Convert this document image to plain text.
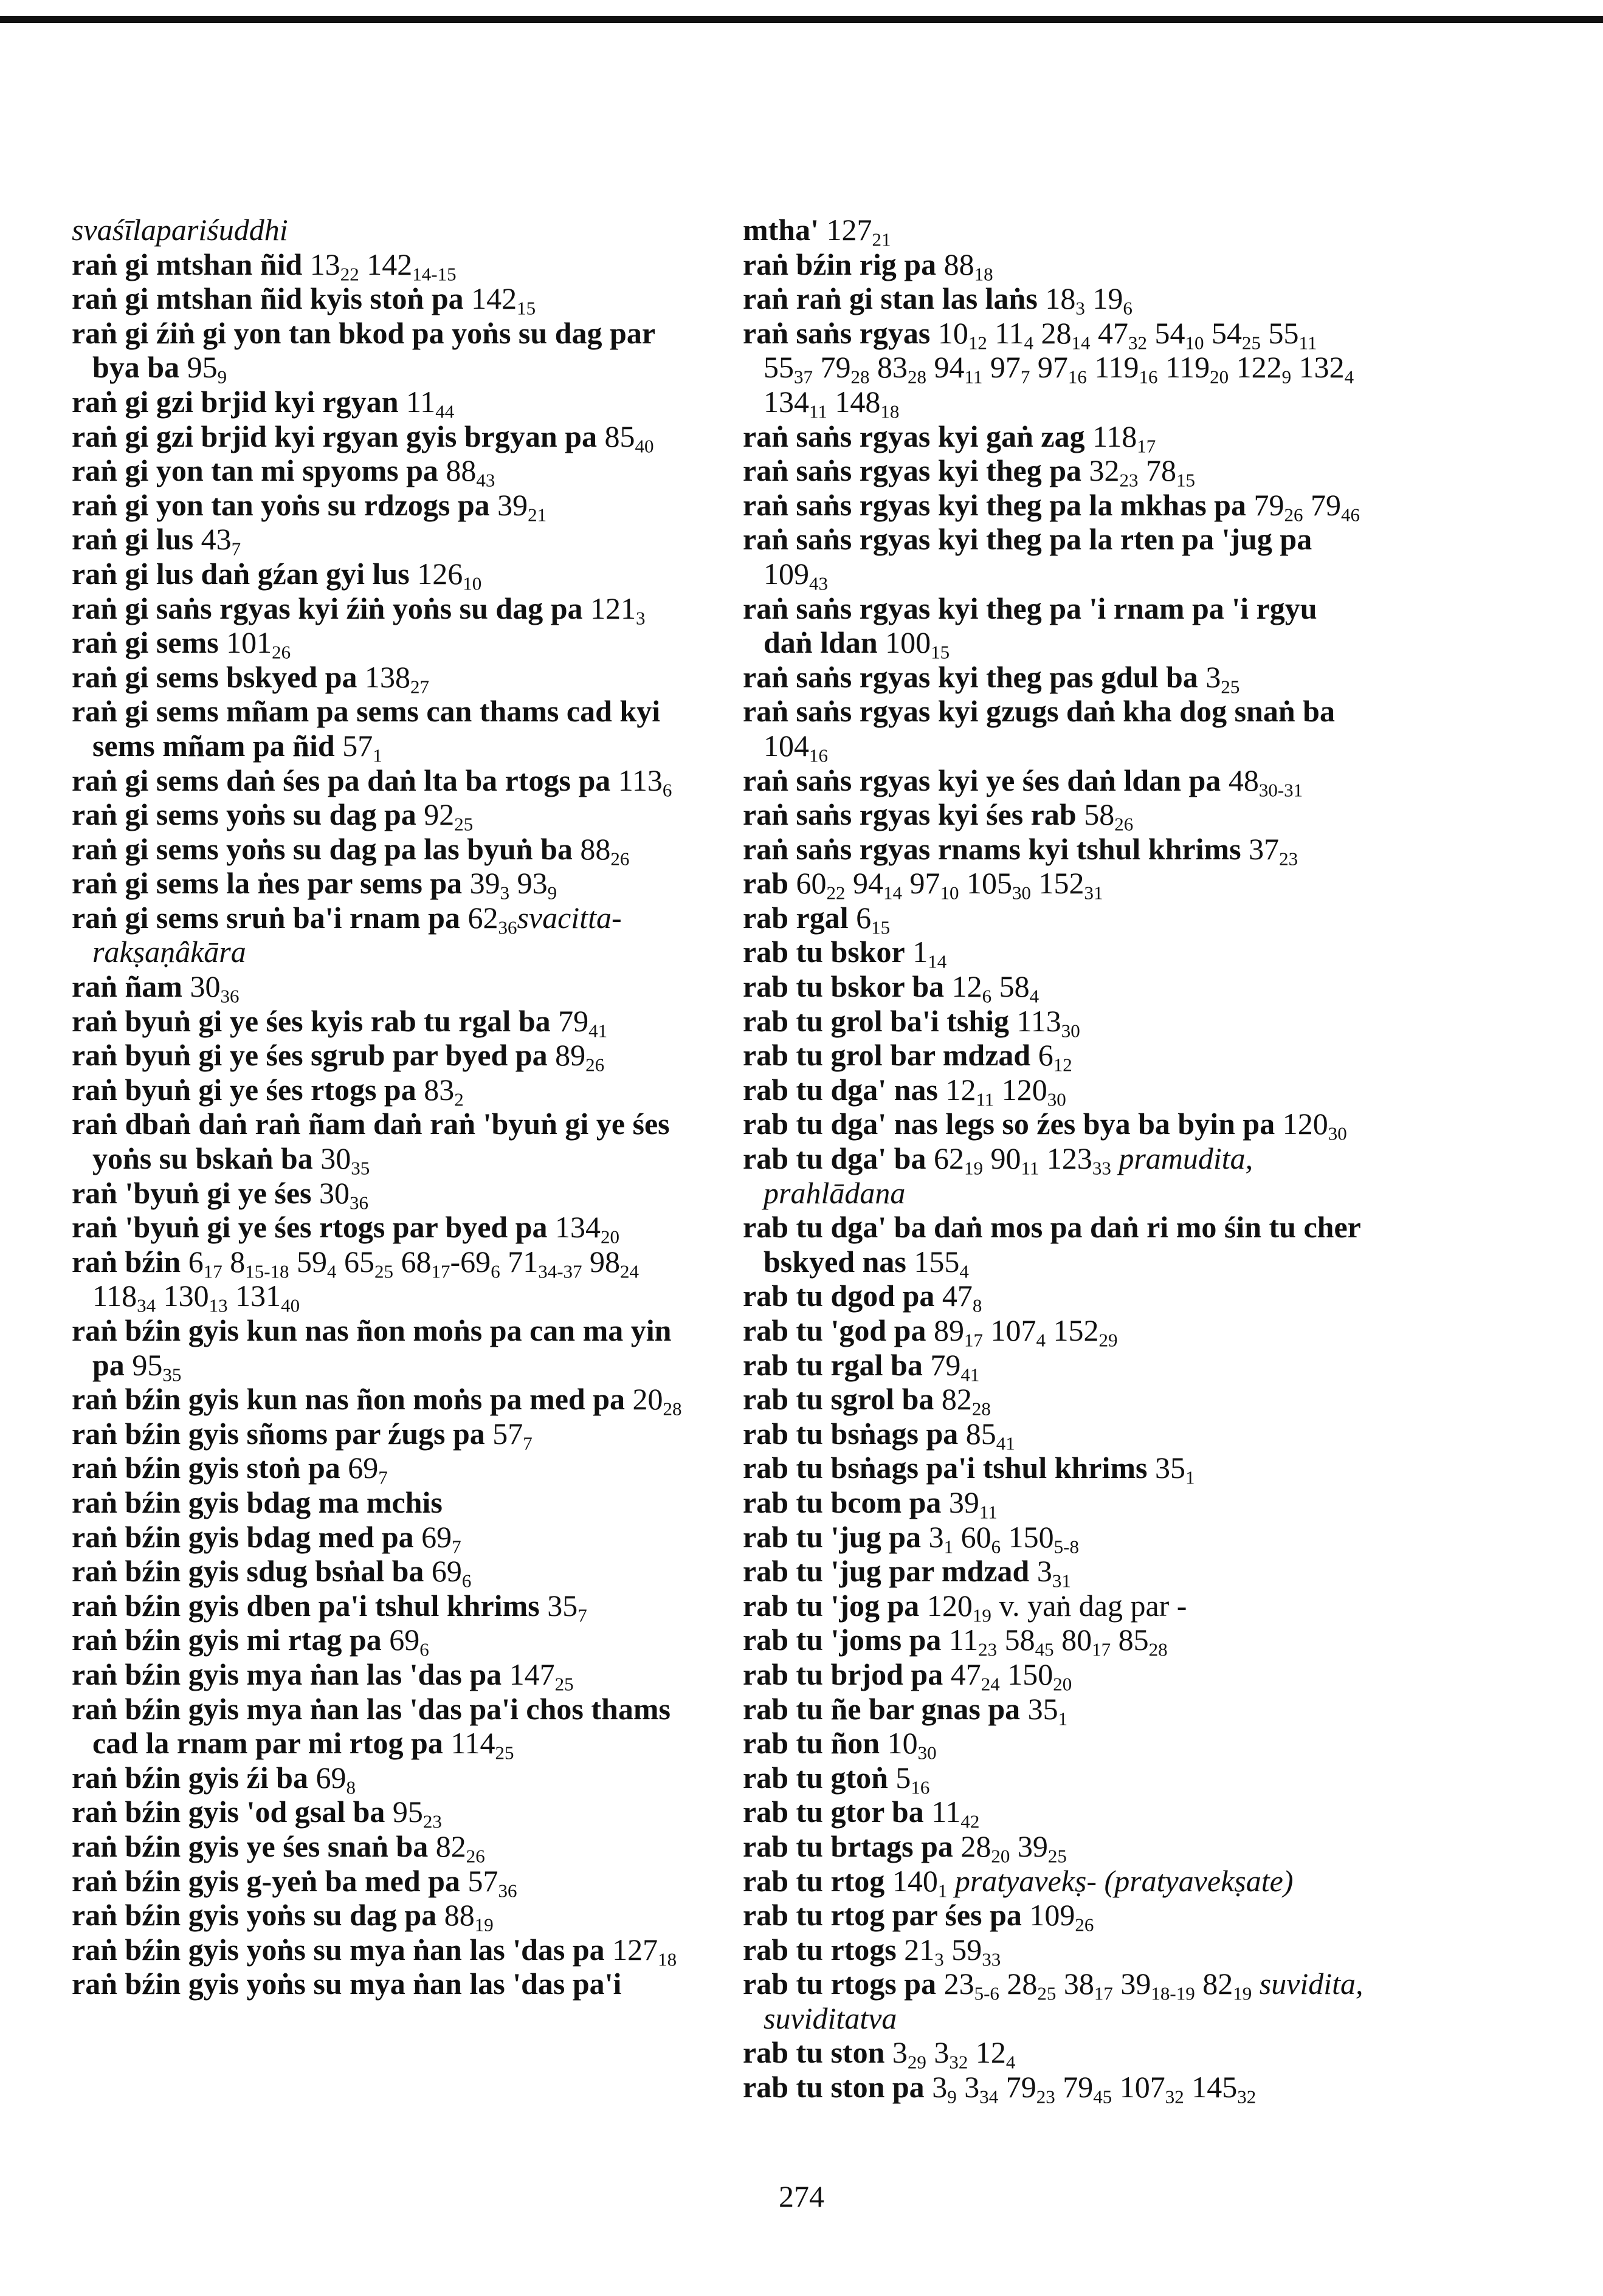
svaśīlapariśuddhi

raṅ gi mtshan ñid $13_{22}$ $142_{14-15}$

raṅ gi mtshan ñid kyis stoṅ pa $142_{15}$

raṅ gi źiṅ gi yon tan bkod pa yoṅs su dag par bya ba $95_9$

raṅ gi gzi brjid kyi rgyan $11_{44}$

raṅ gi gzi brjid kyi rgyan gyis brgyan pa $85_{40}$

raṅ gi yon tan mi spyoms pa $88_{43}$

raṅ gi yon tan yoṅs su rdzogs pa $39_{21}$

raṅ gi lus $43_7$

raṅ gi lus daṅ gźan gyi lus $126_{10}$

raṅ gi saṅs rgyas kyi źiṅ yoṅs su dag pa $121_3$

raṅ gi sems $101_{26}$

raṅ gi sems bskyed pa $138_{27}$

raṅ gi sems mñam pa sems can thams cad kyi sems mñam pa ñid $57_1$

raṅ gi sems daṅ śes pa daṅ lta ba rtogs pa $113_6$

raṅ gi sems yoṅs su dag pa $92_{25}$

raṅ gi sems yoṅs su dag pa las byuṅ ba $88_{26}$

raṅ gi sems la ṅes par sems pa $39_3$ $93_9$

raṅ gi sems sruṅ ba'i rnam pa $62_{36}svacitta$-rakṣaṇâkāra

raṅ ñam $30_{36}$

raṅ byuṅ gi ye śes kyis rab tu rgal ba $79_{41}$

raṅ byuṅ gi ye śes sgrub par byed pa $89_{26}$

raṅ byuṅ gi ye śes rtogs pa $83_2$

raṅ dbaṅ daṅ raṅ ñam daṅ raṅ 'byuṅ gi ye śes yoṅs su bskaṅ ba $30_{35}$

raṅ 'byuṅ gi ye śes $30_{36}$

raṅ 'byuṅ gi ye śes rtogs par byed pa $134_{20}$

raṅ bźin $6_{17}$ $8_{15-18}$ $59_4$ $65_{25}$ $68_{17}-69_6$ $71_{34-37}$ $98_{24}$ $118_{34}$ $130_{13}$ $131_{40}$

raṅ bźin gyis kun nas ñon moṅs pa can ma yin pa $95_{35}$

raṅ bźin gyis kun nas ñon moṅs pa med pa $20_{28}$

raṅ bźin gyis sñoms par źugs pa $57_7$

raṅ bźin gyis stoṅ pa $69_7$

raṅ bźin gyis bdag ma mchis

raṅ bźin gyis bdag med pa $69_7$

raṅ bźin gyis sdug bsṅal ba $69_6$

raṅ bźin gyis dben pa'i tshul khrims $35_7$

raṅ bźin gyis mi rtag pa $69_6$

raṅ bźin gyis mya ṅan las 'das pa $147_{25}$

raṅ bźin gyis mya ṅan las 'das pa'i chos thams cad la rnam par mi rtog pa $114_{25}$

raṅ bźin gyis źi ba $69_8$

raṅ bźin gyis 'od gsal ba $95_{23}$

raṅ bźin gyis ye śes snaṅ ba $82_{26}$

raṅ bźin gyis g-yeṅ ba med pa $57_{36}$

raṅ bźin gyis yoṅs su dag pa $88_{19}$

raṅ bźin gyis yoṅs su mya ṅan las 'das pa $127_{18}$

raṅ bźin gyis yoṅs su mya ṅan las 'das pa'i

mtha' $127_{21}$

raṅ bźin rig pa $88_{18}$

raṅ raṅ gi stan las laṅs $18_3$ $19_6$

raṅ saṅs rgyas $10_{12}$ $11_4$ $28_{14}$ $47_{32}$ $54_{10}$ $54_{25}$ $55_{11}$ $55_{37}$ $79_{28}$ $83_{28}$ $94_{11}$ $97_7$ $97_{16}$ $119_{16}$ $119_{20}$ $122_9$ $132_4$ $134_{11}$ $148_{18}$

raṅ saṅs rgyas kyi gaṅ zag $118_{17}$

raṅ saṅs rgyas kyi theg pa $32_{23}$ $78_{15}$

raṅ saṅs rgyas kyi theg pa la mkhas pa $79_{26}$ $79_{46}$

raṅ saṅs rgyas kyi theg pa la rten pa 'jug pa $109_{43}$

raṅ saṅs rgyas kyi theg pa 'i rnam pa 'i rgyu daṅ ldan $100_{15}$

raṅ saṅs rgyas kyi theg pas gdul ba $3_{25}$

raṅ saṅs rgyas kyi gzugs daṅ kha dog snaṅ ba $104_{16}$

raṅ saṅs rgyas kyi ye śes daṅ ldan pa $48_{30-31}$

raṅ saṅs rgyas kyi śes rab $58_{26}$

raṅ saṅs rgyas rnams kyi tshul khrims $37_{23}$

rab $60_{22}$ $94_{14}$ $97_{10}$ $105_{30}$ $152_{31}$

rab rgal $6_{15}$

rab tu bskor $1_{14}$

rab tu bskor ba $12_6$ $58_4$

rab tu grol ba'i tshig $113_{30}$

rab tu grol bar mdzad $6_{12}$

rab tu dga' nas $12_{11}$ $120_{30}$

rab tu dga' nas legs so źes bya ba byin pa $120_{30}$

rab tu dga' ba $62_{19}$ $90_{11}$ $123_{33}$ pramudita, prahlādana

rab tu dga' ba daṅ mos pa daṅ ri mo śin tu cher bskyed nas $155_4$

rab tu dgod pa $47_8$

rab tu 'god pa $89_{17}$ $107_4$ $152_{29}$

rab tu rgal ba $79_{41}$

rab tu sgrol ba $82_{28}$

rab tu bsṅags pa $85_{41}$

rab tu bsṅags pa'i tshul khrims $35_1$

rab tu bcom pa $39_{11}$

rab tu 'jug pa $3_1$ $60_6$ $150_{5-8}$

rab tu 'jug par mdzad $3_{31}$

rab tu 'jog pa $120_{19}$ v. yaṅ dag par -

rab tu 'joms pa $11_{23}$ $58_{45}$ $80_{17}$ $85_{28}$

rab tu brjod pa $47_{24}$ $150_{20}$

rab tu ñe bar gnas pa $35_1$

rab tu ñon $10_{30}$

rab tu gtoṅ $5_{16}$

rab tu gtor ba $11_{42}$

rab tu brtags pa $28_{20}$ $39_{25}$

rab tu rtog $140_1$ pratyavekṣ- (pratyavekṣate)

rab tu rtog par śes pa $109_{26}$

rab tu rtogs $21_3$ $59_{33}$

rab tu rtogs pa $23_{5-6}$ $28_{25}$ $38_{17}$ $39_{18-19}$ $82_{19}$ suvidita, suviditatva

rab tu ston $3_{29}$ $3_{32}$ $12_4$

rab tu ston pa $3_9$ $3_{34}$ $79_{23}$ $79_{45}$ $107_{32}$ $145_{32}$

274
